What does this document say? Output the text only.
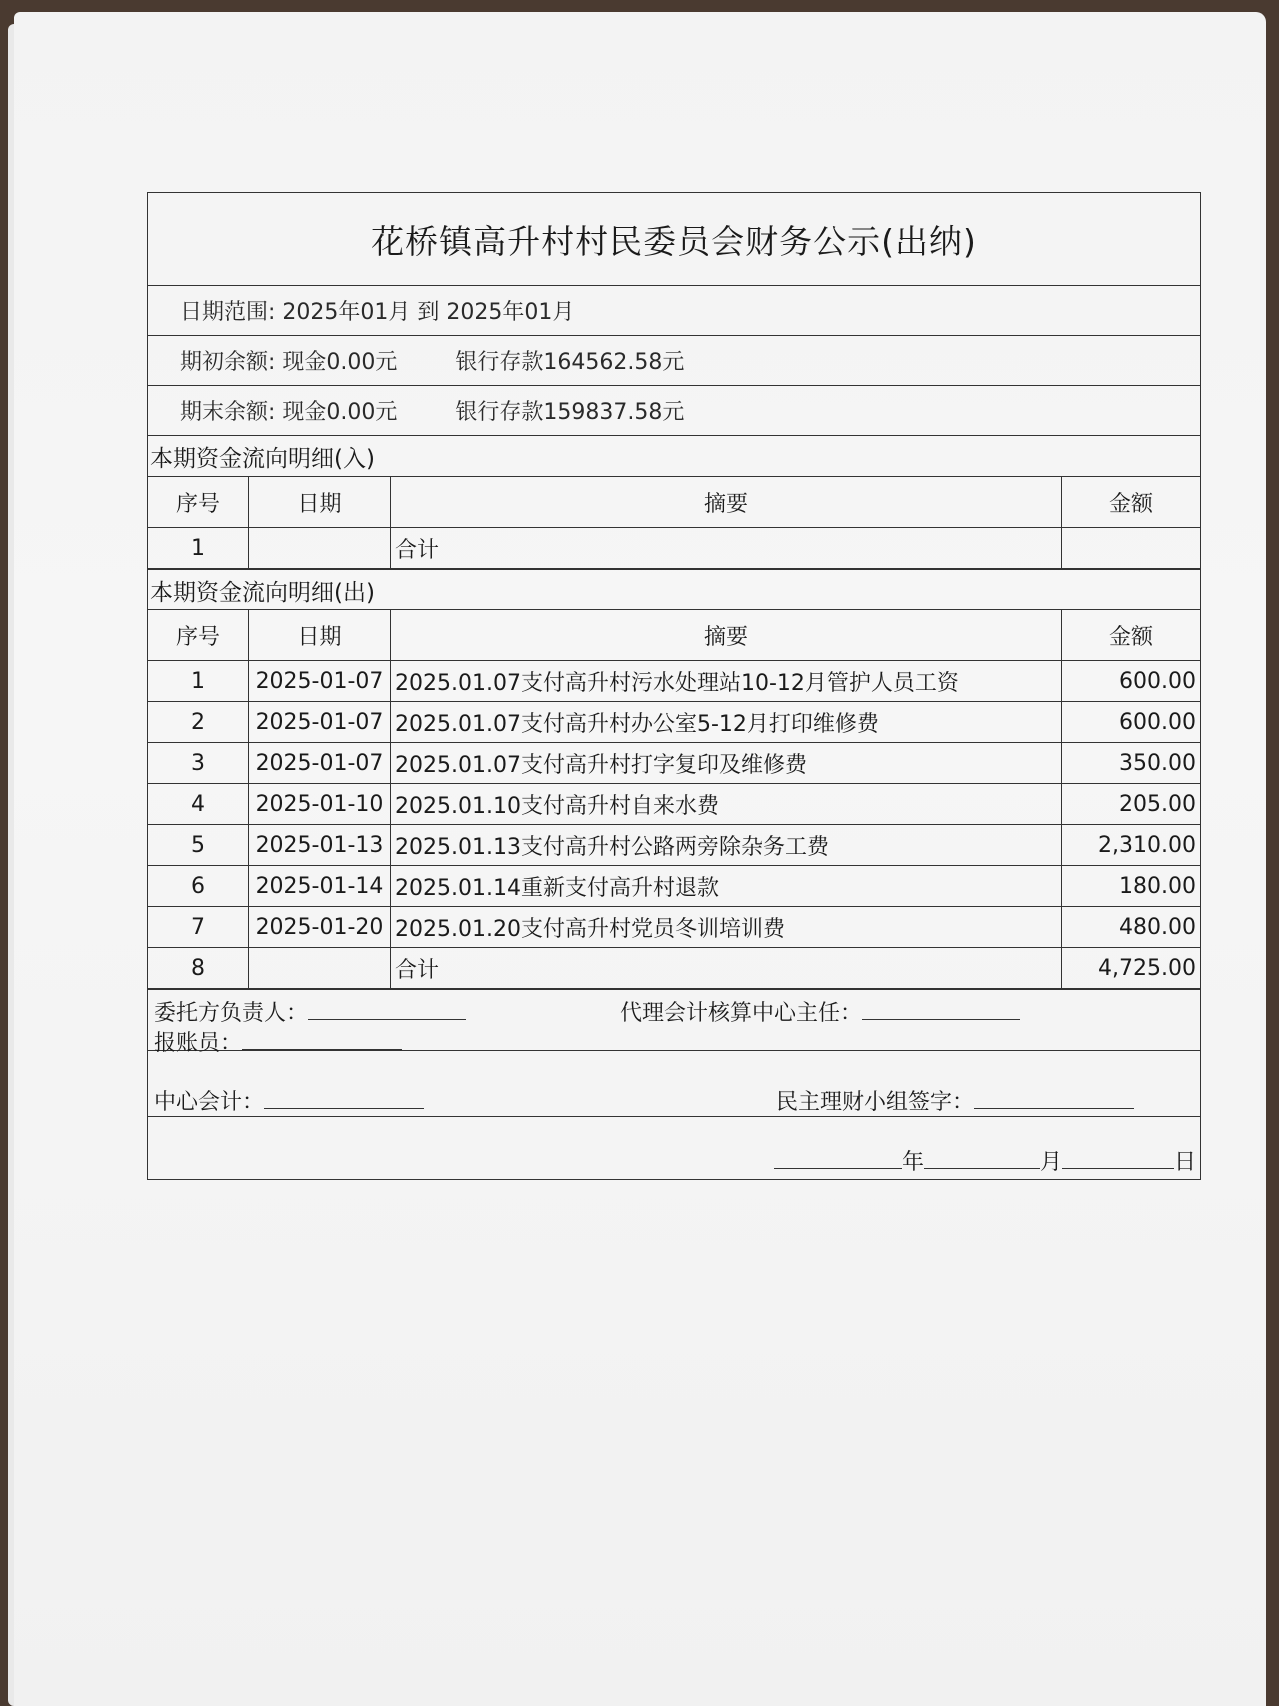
花桥镇高升村村民委员会财务公示(出纳)
日期范围: 2025年01月 到 2025年01月
期初余额: 现金0.00元	银行存款164562.58元
期末余额: 现金0.00元	银行存款159837.58元
本期资金流向明细(入)
序号	日期	摘要	金额
1		合计	
本期资金流向明细(出)
序号	日期	摘要	金额
1	2025-01-07	2025.01.07支付高升村污水处理站10-12月管护人员工资	600.00
2	2025-01-07	2025.01.07支付高升村办公室5-12月打印维修费	600.00
3	2025-01-07	2025.01.07支付高升村打字复印及维修费	350.00
4	2025-01-10	2025.01.10支付高升村自来水费	205.00
5	2025-01-13	2025.01.13支付高升村公路两旁除杂务工费	2,310.00
6	2025-01-14	2025.01.14重新支付高升村退款	180.00
7	2025-01-20	2025.01.20支付高升村党员冬训培训费	480.00
8		合计	4,725.00
委托方负责人：	代理会计核算中心主任：
报账员：
中心会计：	民主理财小组签字：
年	月	日
